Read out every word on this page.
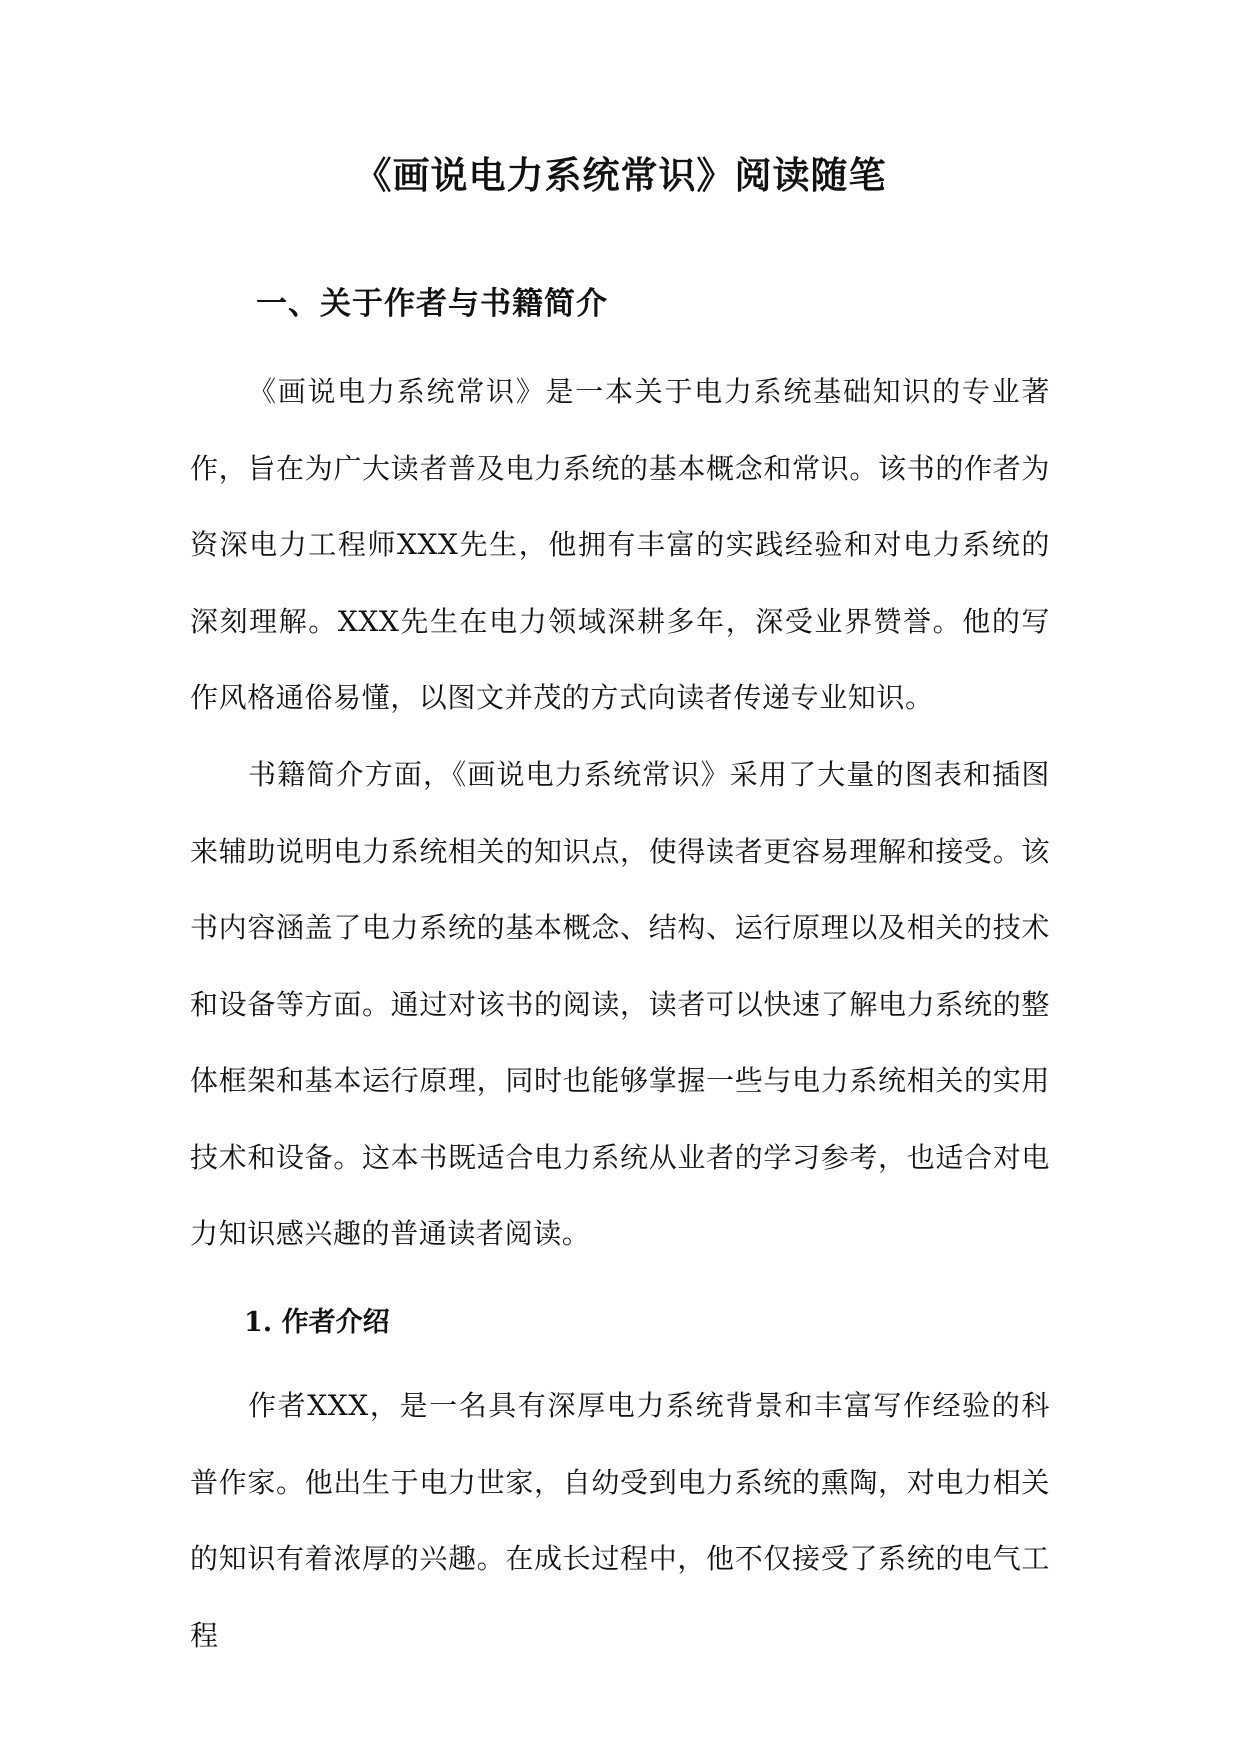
《画说电力系统常识》阅读随笔
一、关于作者与书籍简介

《画说电力系统常识》是一本关于电力系统基础知识的专业著作，旨在为广大读者普及电力系统的基本概念和常识。该书的作者为资深电力工程师XXX先生，他拥有丰富的实践经验和对电力系统的深刻理解。XXX先生在电力领域深耕多年，深受业界赞誉。他的写作风格通俗易懂，以图文并茂的方式向读者传递专业知识。

书籍简介方面，《画说电力系统常识》采用了大量的图表和插图来辅助说明电力系统相关的知识点，使得读者更容易理解和接受。该书内容涵盖了电力系统的基本概念、结构、运行原理以及相关的技术和设备等方面。通过对该书的阅读，读者可以快速了解电力系统的整体框架和基本运行原理，同时也能够掌握一些与电力系统相关的实用技术和设备。这本书既适合电力系统从业者的学习参考，也适合对电力知识感兴趣的普通读者阅读。

1. 作者介绍

作者XXX，是一名具有深厚电力系统背景和丰富写作经验的科普作家。他出生于电力世家，自幼受到电力系统的熏陶，对电力相关的知识有着浓厚的兴趣。在成长过程中，他不仅接受了系统的电气工程
